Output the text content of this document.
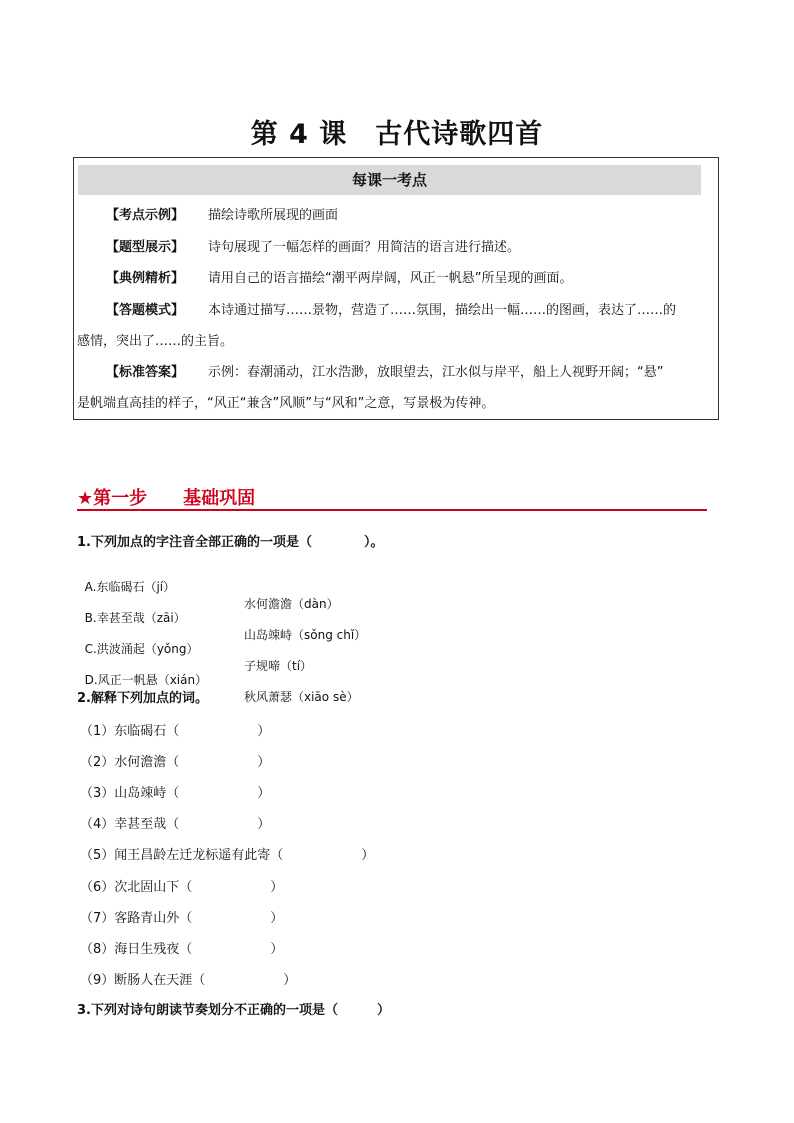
第 4 课　古代诗歌四首
每课一考点
【考点示例】 描绘诗歌所展现的画面
【题型展示】 诗句展现了一幅怎样的画面？用简洁的语言进行描述。
【典例精析】 请用自己的语言描绘“潮平两岸阔，风正一帆悬”所呈现的画面。
【答题模式】 本诗通过描写……景物，营造了……氛围，描绘出一幅……的图画，表达了……的
感情，突出了……的主旨。
【标准答案】 示例：春潮涌动，江水浩渺，放眼望去，江水似与岸平，船上人视野开阔；“悬”
是帆端直高挂的样子，“风正“兼含”风顺”与“风和”之意，写景极为传神。
★第一步　　基础巩固
1.下列加点的字注音全部正确的一项是（　　　　）。

A.东临碣石（jí）

水何澹澹（dàn）

B.幸甚至哉（zāi）

山岛竦峙（sǒng chǐ）

C.洪波涌起（yǒng）

子规啼（tí）

D.风正一帆悬（xián）

秋风萧瑟（xiāo sè）

2.解释下列加点的词。
（1）东临碣石（　　　　　　）
（2）水何澹澹（　　　　　　）
（3）山岛竦峙（　　　　　　）
（4）幸甚至哉（　　　　　　）
（5）闻王昌龄左迁龙标遥有此寄（　　　　　　）
（6）次北固山下（　　　　　　）
（7）客路青山外（　　　　　　）
（8）海日生残夜（　　　　　　）
（9）断肠人在天涯（　　　　　　）
3.下列对诗句朗读节奏划分不正确的一项是（　　　）
